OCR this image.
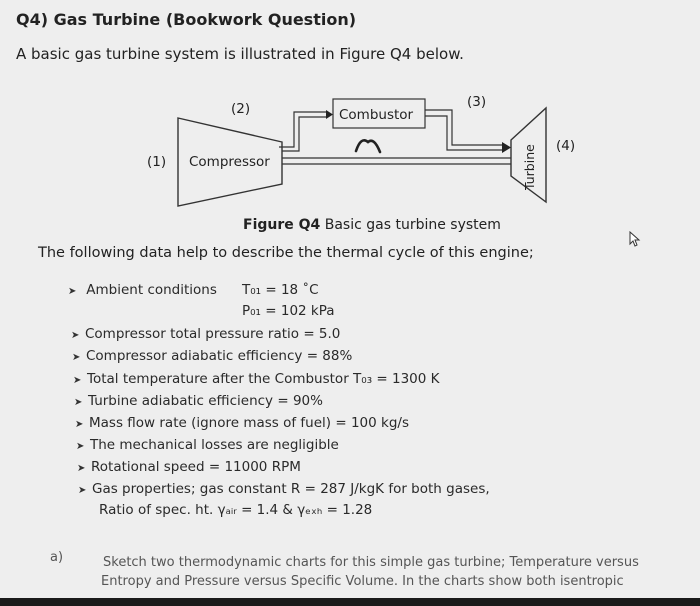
Q4) Gas Turbine (Bookwork Question)
A basic gas turbine system is illustrated in Figure Q4 below.
(2)	(3)
(4)
(1) Compressor
Combustor
Turbine
Figure Q4 Basic gas turbine system
The following data help to describe the thermal cycle of this engine;
➤ Ambient conditions T₀₁ = 18 ˚C
P₀₁ = 102 kPa
➤ Compressor total pressure ratio = 5.0
➤ Compressor adiabatic efficiency = 88%
➤ Total temperature after the Combustor T₀₃ = 1300 K
➤ Turbine adiabatic efficiency = 90%
➤ Mass flow rate (ignore mass of fuel) = 100 kg/s
➤ The mechanical losses are negligible
➤ Rotational speed = 11000 RPM
➤ Gas properties; gas constant R = 287 J/kgK for both gases,
Ratio of spec. ht. γₐᵢᵣ = 1.4 & γₑₓₕ = 1.28
a)	Sketch two thermodynamic charts for this simple gas turbine; Temperature versus
Entropy and Pressure versus Specific Volume. In the charts show both isentropic
